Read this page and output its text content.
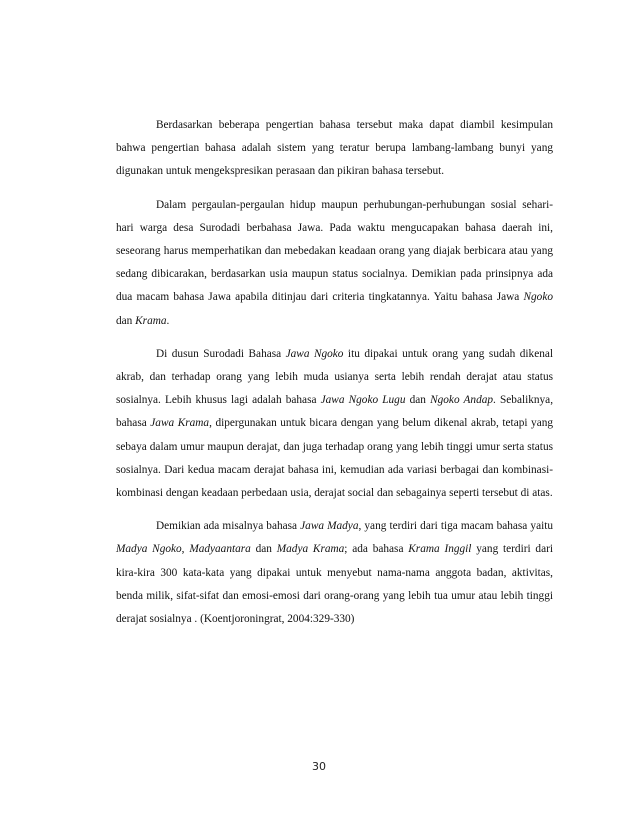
Berdasarkan beberapa pengertian bahasa tersebut maka dapat diambil kesimpulan bahwa pengertian bahasa adalah sistem yang teratur berupa lambang-lambang bunyi yang digunakan untuk mengekspresikan perasaan dan pikiran bahasa tersebut.

Dalam pergaulan-pergaulan hidup maupun perhubungan-perhubungan sosial sehari-hari warga desa Surodadi berbahasa Jawa. Pada waktu mengucapakan bahasa daerah ini, seseorang harus memperhatikan dan mebedakan keadaan orang yang diajak berbicara atau yang sedang dibicarakan, berdasarkan usia maupun status socialnya. Demikian pada prinsipnya ada dua macam bahasa Jawa apabila ditinjau dari criteria tingkatannya. Yaitu bahasa Jawa Ngoko dan Krama.

Di dusun Surodadi Bahasa Jawa Ngoko itu dipakai untuk orang yang sudah dikenal akrab, dan terhadap orang yang lebih muda usianya serta lebih rendah derajat atau status sosialnya. Lebih khusus lagi adalah bahasa Jawa Ngoko Lugu dan Ngoko Andap. Sebaliknya, bahasa Jawa Krama, dipergunakan untuk bicara dengan yang belum dikenal akrab, tetapi yang sebaya dalam umur maupun derajat, dan juga terhadap orang yang lebih tinggi umur serta status sosialnya. Dari kedua macam derajat bahasa ini, kemudian ada variasi berbagai dan kombinasi-kombinasi dengan keadaan perbedaan usia, derajat social dan sebagainya seperti tersebut di atas.

Demikian ada misalnya bahasa Jawa Madya, yang terdiri dari tiga macam bahasa yaitu Madya Ngoko, Madyaantara dan Madya Krama; ada bahasa Krama Inggil yang terdiri dari kira-kira 300 kata-kata yang dipakai untuk menyebut nama-nama anggota badan, aktivitas, benda milik, sifat-sifat dan emosi-emosi dari orang-orang yang lebih tua umur atau lebih tinggi derajat sosialnya . (Koentjoroningrat, 2004:329-330)

30
